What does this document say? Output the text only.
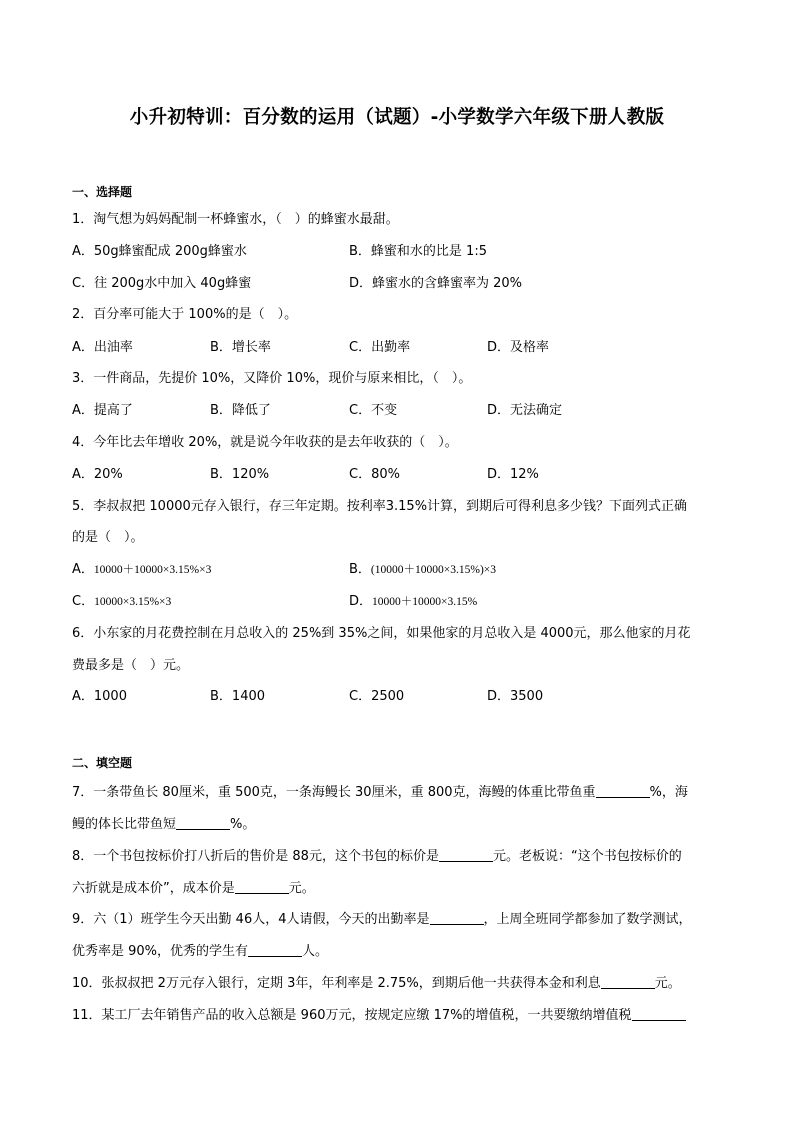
小升初特训：百分数的运用（试题）-小学数学六年级下册人教版
一、选择题
1．淘气想为妈妈配制一杯蜂蜜水，（　）的蜂蜜水最甜。
A．50g蜂蜜配成 200g蜂蜜水	B．蜂蜜和水的比是 1:5
C．往 200g水中加入 40g蜂蜜	D．蜂蜜水的含蜂蜜率为 20%
2．百分率可能大于 100%的是（　）。
A．出油率	B．增长率	C．出勤率	D．及格率
3．一件商品，先提价 10%，又降价 10%，现价与原来相比，（　）。
A．提高了	B．降低了	C．不变	D．无法确定
4．今年比去年增收 20%，就是说今年收获的是去年收获的（　）。
A．20%	B．120%	C．80%	D．12%
5．李叔叔把 10000元存入银行，存三年定期。按利率3.15%计算，到期后可得利息多少钱？下面列式正确
的是（　）。
A．10000＋10000×3.15%×3	B．(10000＋10000×3.15%)×3
C．10000×3.15%×3	D．10000＋10000×3.15%
6．小东家的月花费控制在月总收入的 25%到 35%之间，如果他家的月总收入是 4000元，那么他家的月花
费最多是（　）元。
A．1000	B．1400	C．2500	D．3500
二、填空题
7．一条带鱼长 80厘米，重 500克，一条海鳗长 30厘米，重 800克，海鳗的体重比带鱼重	%，海
鳗的体长比带鱼短	%。
8．一个书包按标价打八折后的售价是 88元，这个书包的标价是	元。老板说：“这个书包按标价的
六折就是成本价”，成本价是	元。
9．六（1）班学生今天出勤 46人，4人请假，今天的出勤率是	，上周全班同学都参加了数学测试，
优秀率是 90%，优秀的学生有	人。
10．张叔叔把 2万元存入银行，定期 3年，年利率是 2.75%，到期后他一共获得本金和利息	元。
11．某工厂去年销售产品的收入总额是 960万元，按规定应缴 17%的增值税，一共要缴纳增值税
